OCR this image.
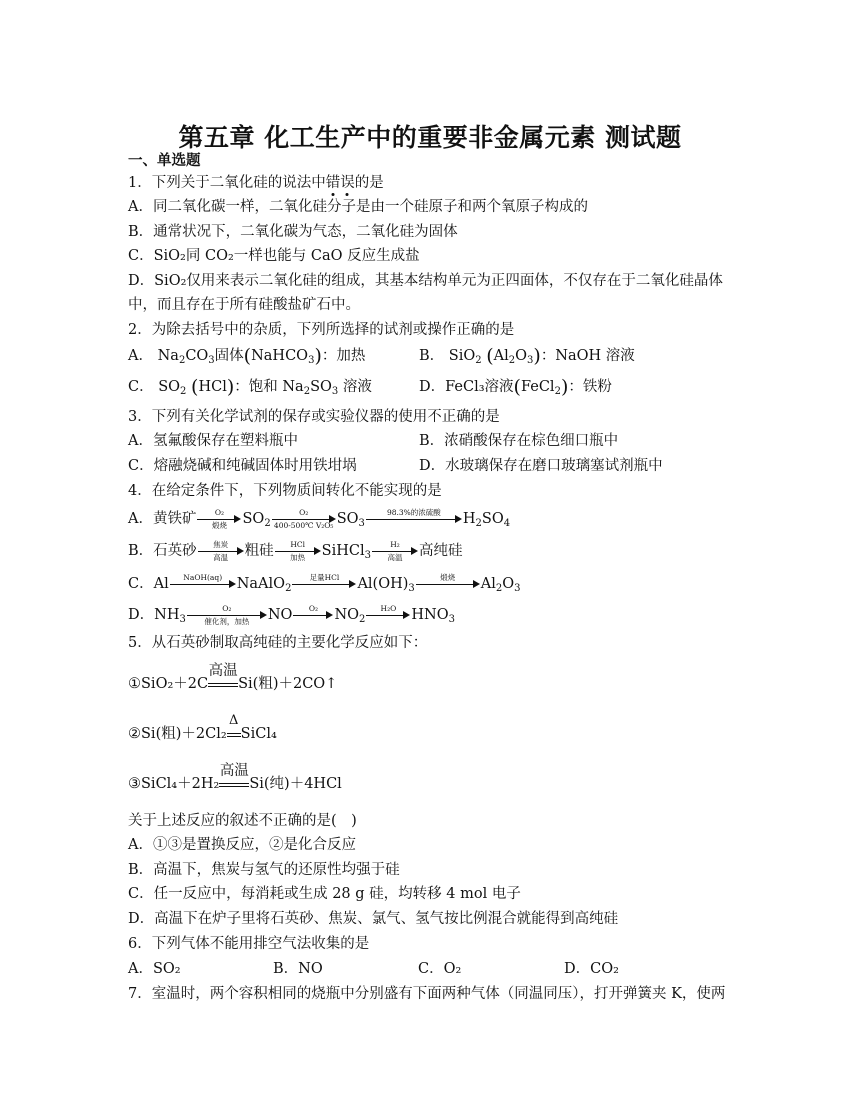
第五章 化工生产中的重要非金属元素 测试题
一、单选题
1．下列关于二氧化硅的说法中错误的是
A．同二氧化碳一样，二氧化硅分子是由一个硅原子和两个氧原子构成的
B．通常状况下，二氧化碳为气态，二氧化硅为固体
C．SiO₂同 CO₂一样也能与 CaO 反应生成盐
D．SiO₂仅用来表示二氧化硅的组成，其基本结构单元为正四面体，不仅存在于二氧化硅晶体
中，而且存在于所有硅酸盐矿石中。
2．为除去括号中的杂质，下列所选择的试剂或操作正确的是
A． $Na_2CO_3$固体(NaHCO$_3$)：加热	B． SiO$_2$ $(Al_2O_3)$：NaOH 溶液
C． $SO_2$ (HCl)：饱和 $Na_2SO_3$ 溶液	D．FeCl₃溶液(FeCl$_2$)：铁粉
3．下列有关化学试剂的保存或实验仪器的使用不正确的是
A．氢氟酸保存在塑料瓶中	B．浓硝酸保存在棕色细口瓶中
C．熔融烧碱和纯碱固体时用铁坩埚	D．水玻璃保存在磨口玻璃塞试剂瓶中
4．在给定条件下，下列物质间转化不能实现的是
A．黄铁矿	O₂
煅烧	$SO_2 \frac{\text{O₂}}{\text{400-500℃ V₂O₅}} SO_3$
98.3%的浓硫酸	$H_2SO_4$
B．石英砂	焦炭
高温	粗硅	HCl
加热	SiHCl$_3$
H₂
高温	高纯硅
C．Al	NaOH(aq)	NaAlO$_2$
足量HCl	$Al(OH)_3$
煅烧	$Al_2O_3$
D．$NH_3$
O₂
催化剂，加热	NO	O₂	$NO_2$
H₂O	$HNO_3$
5．从石英砂制取高纯硅的主要化学反应如下：
①SiO₂＋2C
高温
Si(粗)＋2CO↑
②Si(粗)＋2Cl₂
Δ
SiCl₄
③SiCl₄＋2H₂
高温
Si(纯)＋4HCl
关于上述反应的叙述不正确的是(　)
A．①③是置换反应，②是化合反应
B．高温下，焦炭与氢气的还原性均强于硅
C．任一反应中，每消耗或生成 28 g 硅，均转移 4 mol 电子
D．高温下在炉子里将石英砂、焦炭、氯气、氢气按比例混合就能得到高纯硅
6．下列气体不能用排空气法收集的是
A．SO₂	B．NO	C．O₂	D．CO₂
7．室温时，两个容积相同的烧瓶中分别盛有下面两种气体（同温同压），打开弹簧夹 K，使两
